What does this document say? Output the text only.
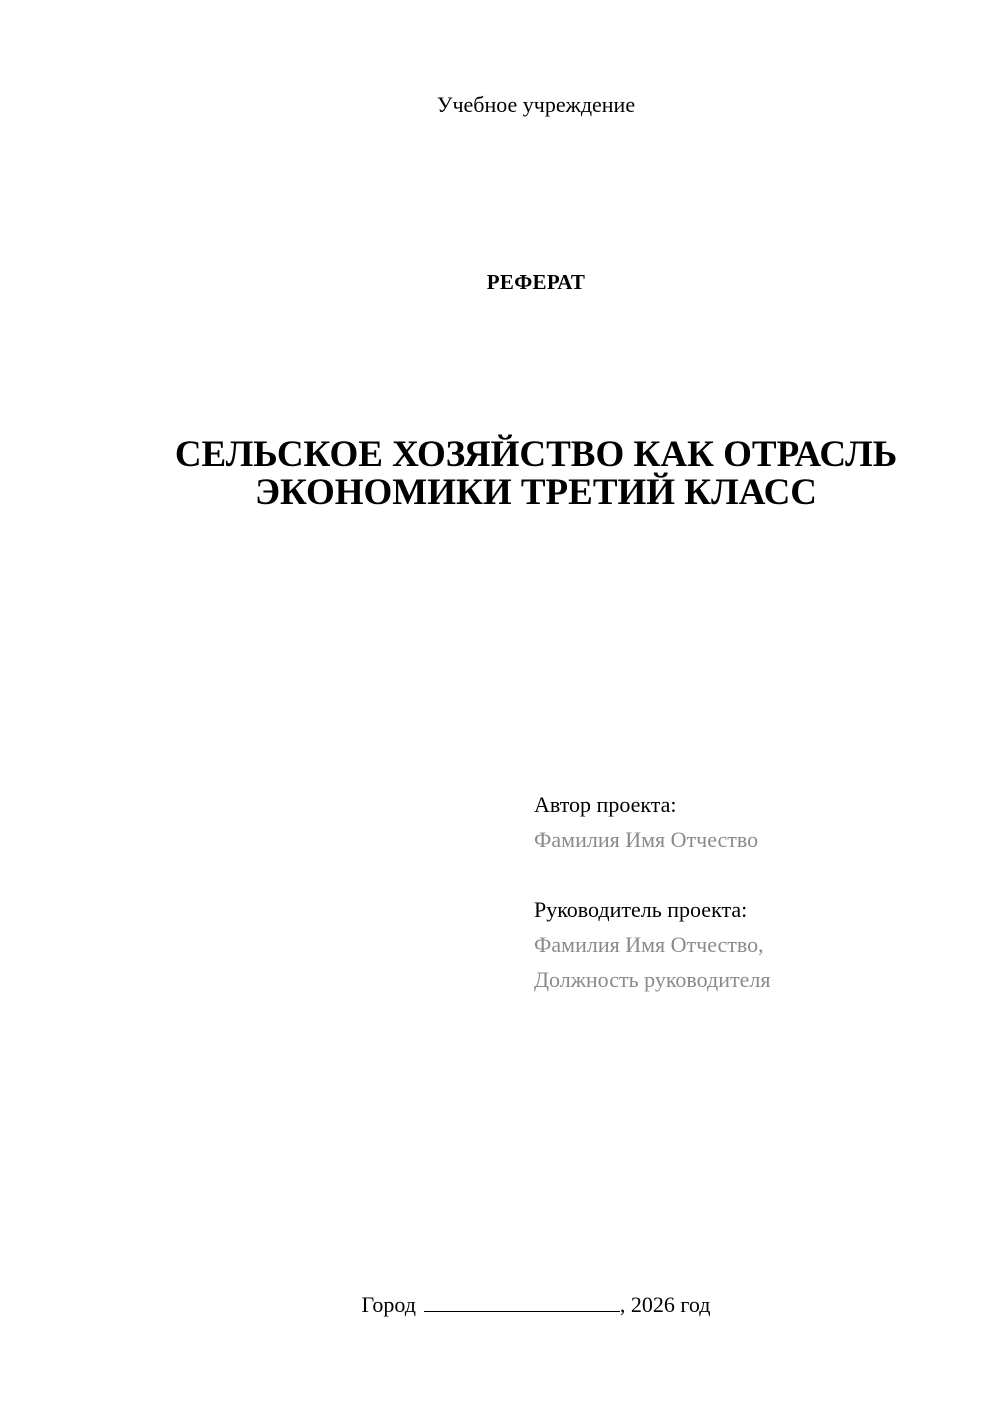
Учебное учреждение
РЕФЕРАТ
СЕЛЬСКОЕ ХОЗЯЙСТВО КАК ОТРАСЛЬ
ЭКОНОМИКИ ТРЕТИЙ КЛАСС
Автор проекта:
Фамилия Имя Отчество
Руководитель проекта:
Фамилия Имя Отчество,
Должность руководителя
Город	, 2026 год
